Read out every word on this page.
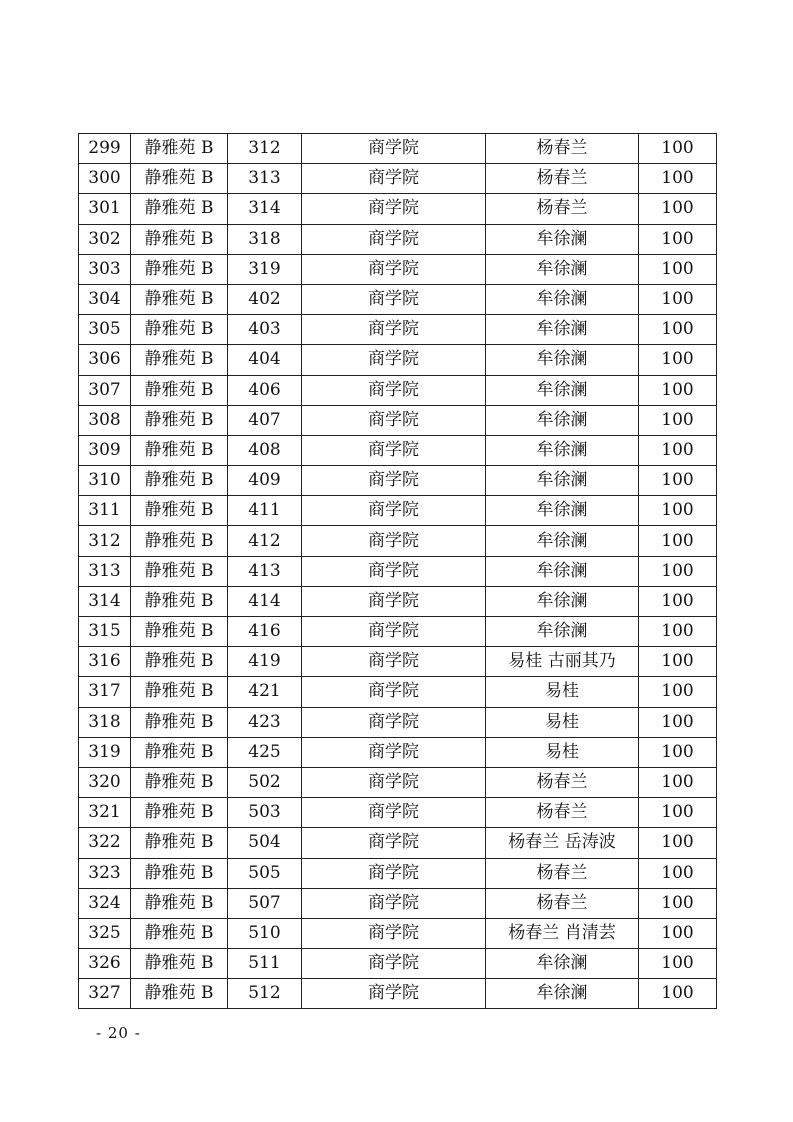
299	静雅苑 B	312	商学院	杨春兰	100
300	静雅苑 B	313	商学院	杨春兰	100
301	静雅苑 B	314	商学院	杨春兰	100
302	静雅苑 B	318	商学院	牟徐澜	100
303	静雅苑 B	319	商学院	牟徐澜	100
304	静雅苑 B	402	商学院	牟徐澜	100
305	静雅苑 B	403	商学院	牟徐澜	100
306	静雅苑 B	404	商学院	牟徐澜	100
307	静雅苑 B	406	商学院	牟徐澜	100
308	静雅苑 B	407	商学院	牟徐澜	100
309	静雅苑 B	408	商学院	牟徐澜	100
310	静雅苑 B	409	商学院	牟徐澜	100
311	静雅苑 B	411	商学院	牟徐澜	100
312	静雅苑 B	412	商学院	牟徐澜	100
313	静雅苑 B	413	商学院	牟徐澜	100
314	静雅苑 B	414	商学院	牟徐澜	100
315	静雅苑 B	416	商学院	牟徐澜	100
316	静雅苑 B	419	商学院	易桂 古丽其乃	100
317	静雅苑 B	421	商学院	易桂	100
318	静雅苑 B	423	商学院	易桂	100
319	静雅苑 B	425	商学院	易桂	100
320	静雅苑 B	502	商学院	杨春兰	100
321	静雅苑 B	503	商学院	杨春兰	100
322	静雅苑 B	504	商学院	杨春兰 岳涛波	100
323	静雅苑 B	505	商学院	杨春兰	100
324	静雅苑 B	507	商学院	杨春兰	100
325	静雅苑 B	510	商学院	杨春兰 肖清芸	100
326	静雅苑 B	511	商学院	牟徐澜	100
327	静雅苑 B	512	商学院	牟徐澜	100
- 20 -
